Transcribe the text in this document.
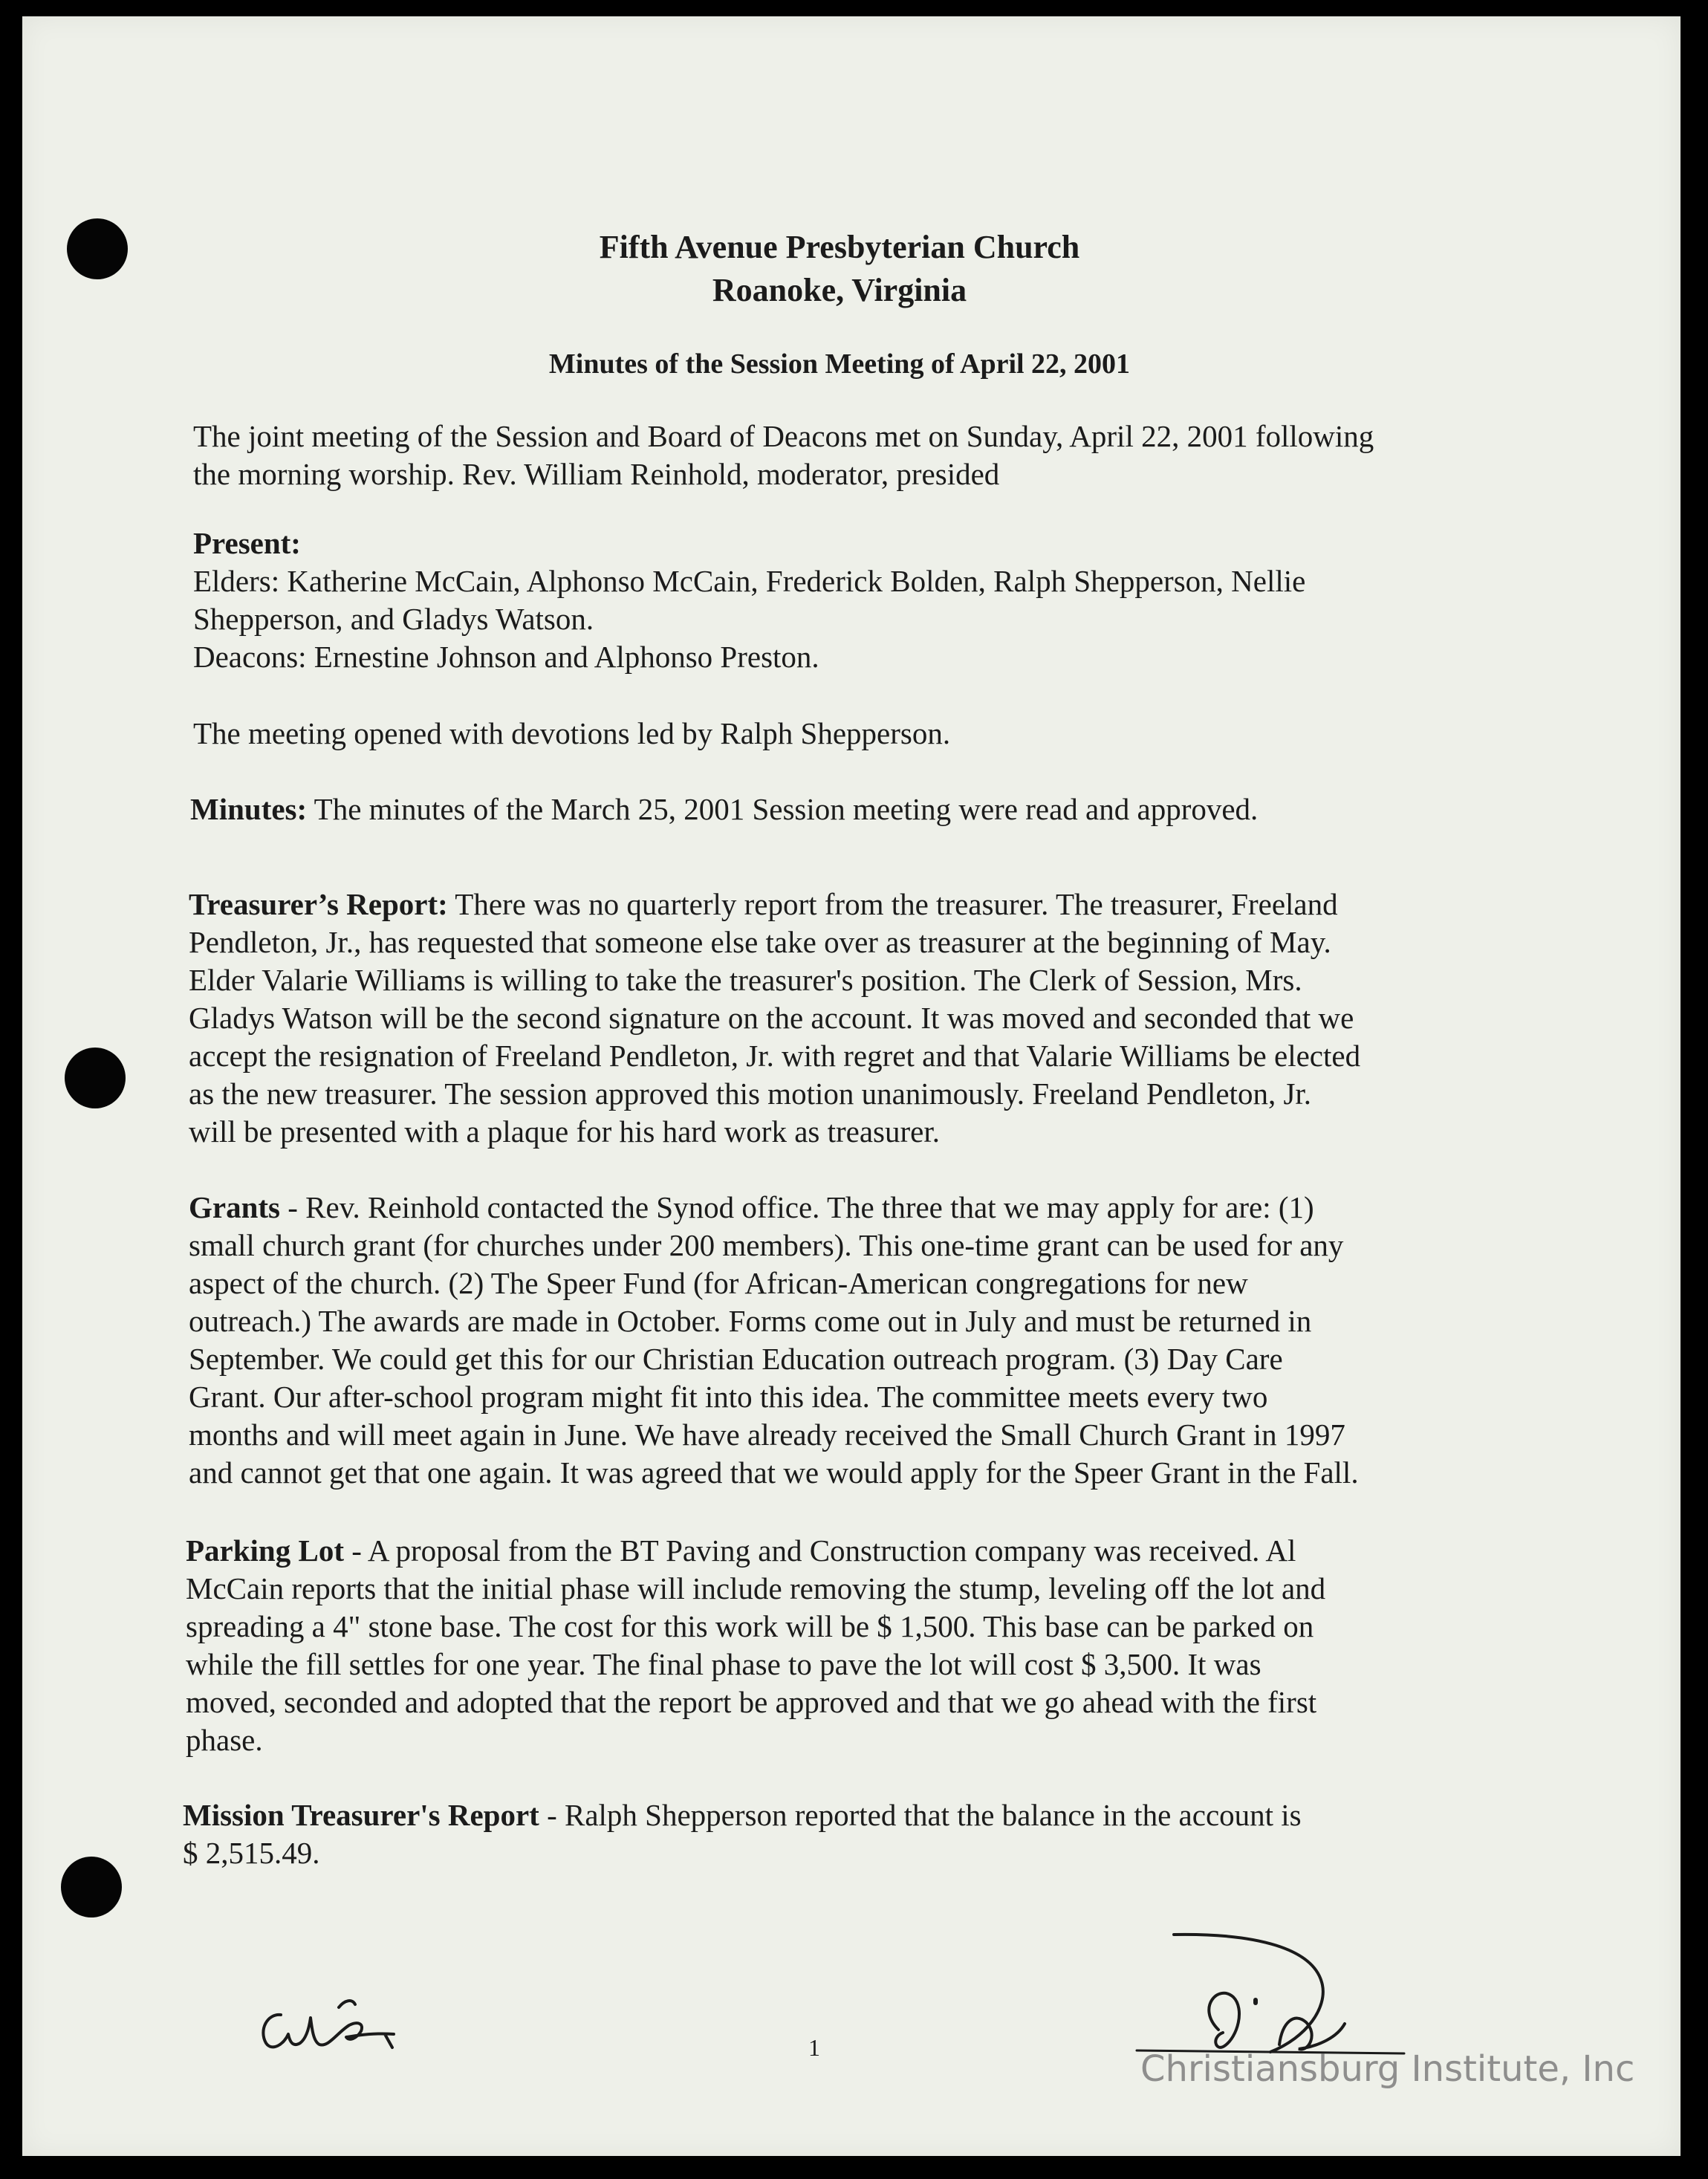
Fifth Avenue Presbyterian Church
Roanoke, Virginia
Minutes of the Session Meeting of April 22, 2001
The joint meeting of the Session and Board of Deacons met on Sunday, April 22, 2001 following
the morning worship. Rev. William Reinhold, moderator, presided
Present:
Elders: Katherine McCain, Alphonso McCain, Frederick Bolden, Ralph Shepperson, Nellie
Shepperson, and Gladys Watson.
Deacons: Ernestine Johnson and Alphonso Preston.
The meeting opened with devotions led by Ralph Shepperson.
Minutes: The minutes of the March 25, 2001 Session meeting were read and approved.
Treasurer’s Report: There was no quarterly report from the treasurer. The treasurer, Freeland
Pendleton, Jr., has requested that someone else take over as treasurer at the beginning of May.
Elder Valarie Williams is willing to take the treasurer's position. The Clerk of Session, Mrs.
Gladys Watson will be the second signature on the account. It was moved and seconded that we
accept the resignation of Freeland Pendleton, Jr. with regret and that Valarie Williams be elected
as the new treasurer. The session approved this motion unanimously. Freeland Pendleton, Jr.
will be presented with a plaque for his hard work as treasurer.
Grants - Rev. Reinhold contacted the Synod office. The three that we may apply for are: (1)
small church grant (for churches under 200 members). This one-time grant can be used for any
aspect of the church. (2) The Speer Fund (for African-American congregations for new
outreach.) The awards are made in October. Forms come out in July and must be returned in
September. We could get this for our Christian Education outreach program. (3) Day Care
Grant. Our after-school program might fit into this idea. The committee meets every two
months and will meet again in June. We have already received the Small Church Grant in 1997
and cannot get that one again. It was agreed that we would apply for the Speer Grant in the Fall.
Parking Lot - A proposal from the BT Paving and Construction company was received. Al
McCain reports that the initial phase will include removing the stump, leveling off the lot and
spreading a 4" stone base. The cost for this work will be $ 1,500. This base can be parked on
while the fill settles for one year. The final phase to pave the lot will cost $ 3,500. It was
moved, seconded and adopted that the report be approved and that we go ahead with the first
phase.
Mission Treasurer's Report - Ralph Shepperson reported that the balance in the account is
$ 2,515.49.
1
Christiansburg Institute, Inc
